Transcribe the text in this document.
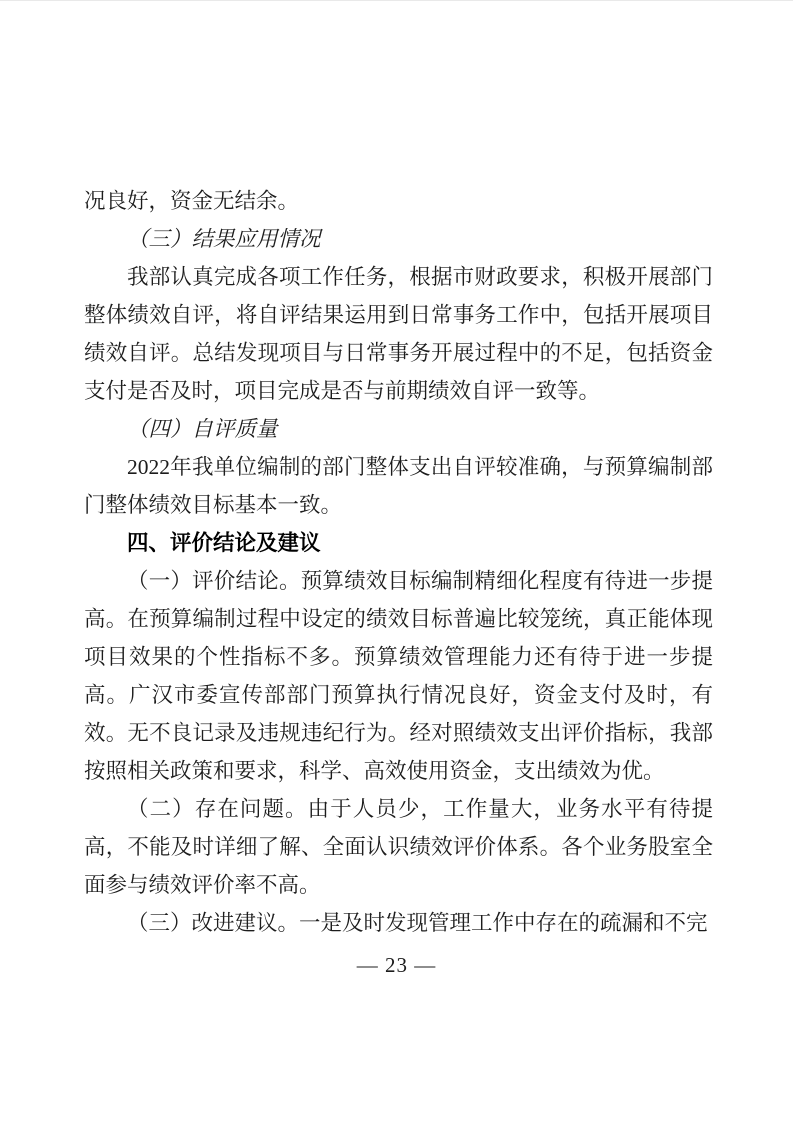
况良好，资金无结余。

（三）结果应用情况

我部认真完成各项工作任务，根据市财政要求，积极开展部门整体绩效自评，将自评结果运用到日常事务工作中，包括开展项目绩效自评。总结发现项目与日常事务开展过程中的不足，包括资金支付是否及时，项目完成是否与前期绩效自评一致等。

（四）自评质量

2022年我单位编制的部门整体支出自评较准确，与预算编制部门整体绩效目标基本一致。

四、评价结论及建议

（一）评价结论。预算绩效目标编制精细化程度有待进一步提高。在预算编制过程中设定的绩效目标普遍比较笼统，真正能体现项目效果的个性指标不多。预算绩效管理能力还有待于进一步提高。广汉市委宣传部部门预算执行情况良好，资金支付及时，有效。无不良记录及违规违纪行为。经对照绩效支出评价指标，我部按照相关政策和要求，科学、高效使用资金，支出绩效为优。

（二）存在问题。由于人员少，工作量大，业务水平有待提高，不能及时详细了解、全面认识绩效评价体系。各个业务股室全面参与绩效评价率不高。

（三）改进建议。一是及时发现管理工作中存在的疏漏和不完

— 23 —
